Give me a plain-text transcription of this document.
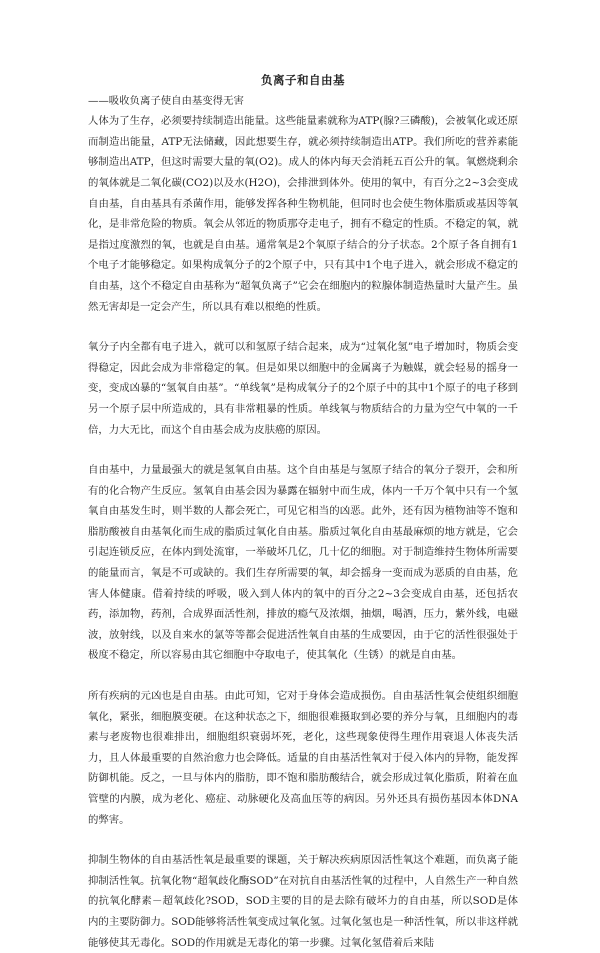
负离子和自由基

——吸收负离子使自由基变得无害

人体为了生存，必须要持续制造出能量。这些能量素就称为ATP(腺?三磷酸)，会被氧化或还原而制造出能量，ATP无法储藏，因此想要生存，就必须持续制造出ATP。我们所吃的营养素能够制造出ATP，但这时需要大量的氧(O2)。成人的体内每天会消耗五百公升的氧。氧燃烧剩余的氧体就是二氧化碳(CO2)以及水(H2O)，会排泄到体外。使用的氧中，有百分之2~3会变成自由基，自由基具有杀菌作用，能够发挥各种生物机能，但同时也会使生物体脂质或基因等氧化，是非常危险的物质。氧会从邻近的物质那夺走电子，拥有不稳定的性质。不稳定的氧，就是指过度激烈的氧，也就是自由基。通常氧是2个氧原子结合的分子状态。2个原子各自拥有1个电子才能够稳定。如果构成氧分子的2个原子中，只有其中1个电子进入，就会形成不稳定的自由基，这个不稳定自由基称为“超氧负离子”它会在细胞内的粒腺体制造热量时大量产生。虽然无害却是一定会产生，所以具有难以根绝的性质。

氧分子内全都有电子进入，就可以和氢原子结合起来，成为“过氧化氢”电子增加时，物质会变得稳定，因此会成为非常稳定的氧。但是如果以细胞中的金属离子为触媒，就会轻易的摇身一变，变成凶暴的“氢氧自由基”。“单线氧”是构成氧分子的2个原子中的其中1个原子的电子移到另一个原子层中所造成的，具有非常粗暴的性质。单线氧与物质结合的力量为空气中氧的一千倍，力大无比，而这个自由基会成为皮肤癌的原因。

自由基中，力量最强大的就是氢氧自由基。这个自由基是与氢原子结合的氧分子裂开，会和所有的化合物产生反应。氢氧自由基会因为暴露在辐射中而生成，体内一千万个氧中只有一个氢氧自由基发生时，则半数的人都会死亡，可见它相当的凶恶。此外，还有因为植物油等不饱和脂肪酸被自由基氧化而生成的脂质过氧化自由基。脂质过氧化自由基最麻烦的地方就是，它会引起连锁反应，在体内到处流窜，一举破坏几亿，几十亿的细胞。对于制造维持生物体所需要的能量而言，氧是不可或缺的。我们生存所需要的氧，却会摇身一变而成为恶质的自由基，危害人体健康。借着持续的呼吸，吸入到人体内的氧中的百分之2~3会变成自由基，还包括农药，添加物，药剂，合成界面活性剂，排放的瘾气及浓烟，抽烟，喝酒，压力，紫外线，电磁波，放射线，以及自来水的氯等等都会促进活性氧自由基的生成要因，由于它的活性很强处于极度不稳定，所以容易由其它细胞中夺取电子，使其氧化（生锈）的就是自由基。

所有疾病的元凶也是自由基。由此可知，它对于身体会造成损伤。自由基活性氧会使组织细胞氧化，紧张，细胞膜变硬。在这种状态之下，细胞很难摄取到必要的养分与氧，且细胞内的毒素与老废物也很难排出，细胞组织衰弱坏死，老化，这些现象使得生理作用衰退人体丧失活力，且人体最重要的自然治愈力也会降低。适量的自由基活性氧对于侵入体内的异物，能发挥防御机能。反之，一旦与体内的脂肪，即不饱和脂肪酸结合，就会形成过氧化脂质，附着在血管壁的内膜，成为老化、癌症、动脉硬化及高血压等的病因。另外还具有损伤基因本体DNA的弊害。

抑制生物体的自由基活性氧是最重要的课题，关于解决疾病原因活性氧这个难题，而负离子能抑制活性氧。抗氧化物“超氧歧化酶SOD”在对抗自由基活性氧的过程中，人自然生产一种自然的抗氧化酵素－超氧歧化?SOD，SOD主要的目的是去除有破坏力的自由基，所以SOD是体内的主要防御力。SOD能够将活性氧变成过氧化氢。过氧化氢也是一种活性氧，所以非这样就能够使其无毒化。SOD的作用就是无毒化的第一步骤。过氧化氢借着后来陆
